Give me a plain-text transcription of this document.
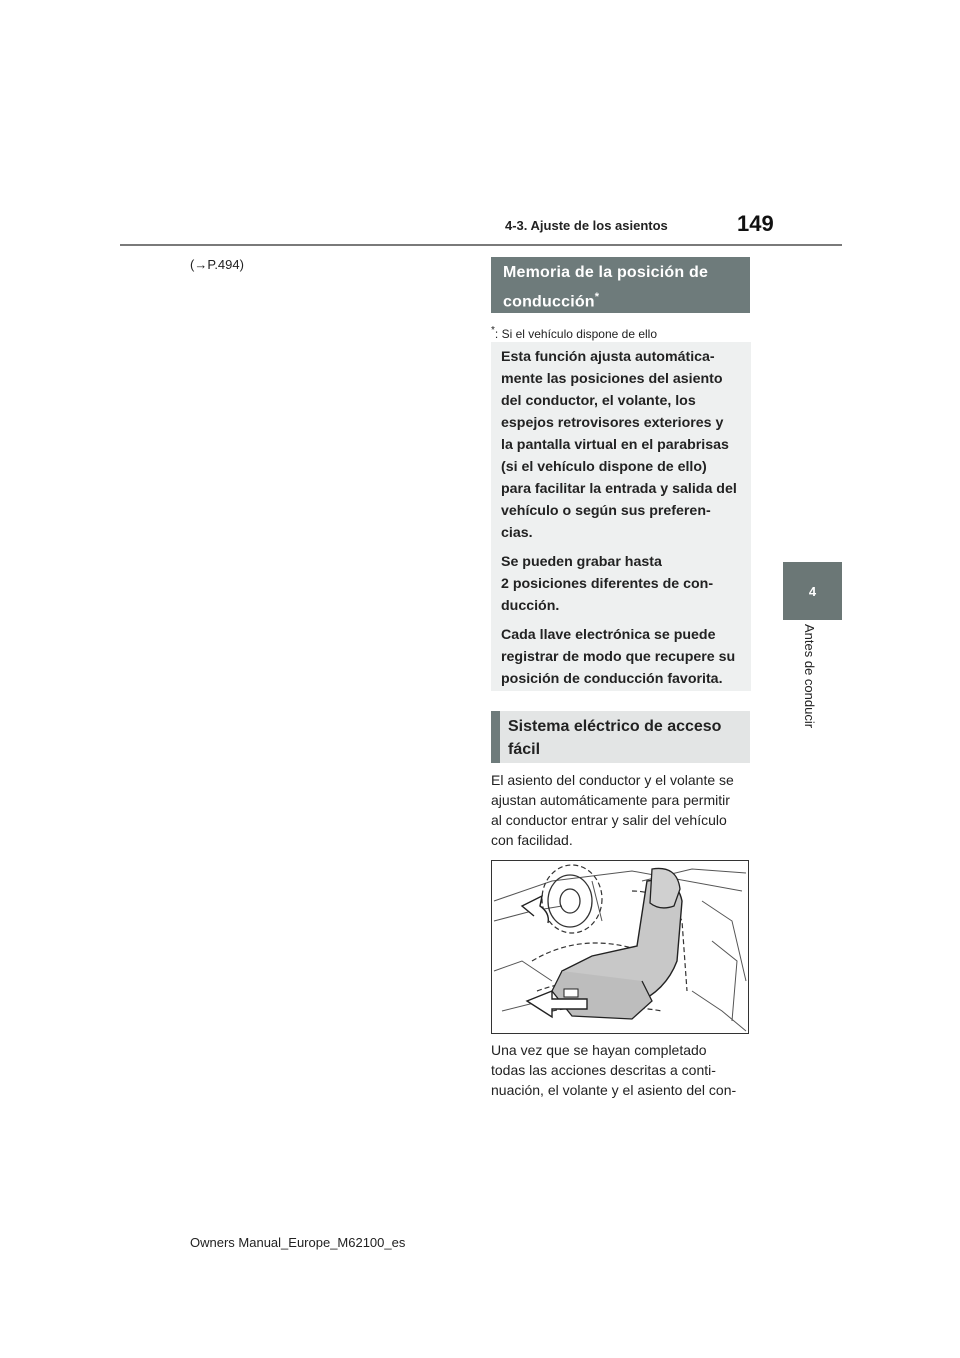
4-3. Ajuste de los asientos	149
4
Antes de conducir
(→P.494)	Memoria de la posición de conducción*
*: Si el vehículo dispone de ello

Esta función ajusta automática-
mente las posiciones del asiento
del conductor, el volante, los
espejos retrovisores exteriores y
la pantalla virtual en el parabrisas
(si el vehículo dispone de ello)
para facilitar la entrada y salida del
vehículo o según sus preferen-
cias.

Se pueden grabar hasta
2 posiciones diferentes de con-
ducción.

Cada llave electrónica se puede
registrar de modo que recupere su
posición de conducción favorita.

Sistema eléctrico de acceso fácil
El asiento del conductor y el volante se
ajustan automáticamente para permitir
al conductor entrar y salir del vehículo
con facilidad.
Una vez que se hayan completado
todas las acciones descritas a conti-
nuación, el volante y el asiento del con-
Owners Manual_Europe_M62100_es
